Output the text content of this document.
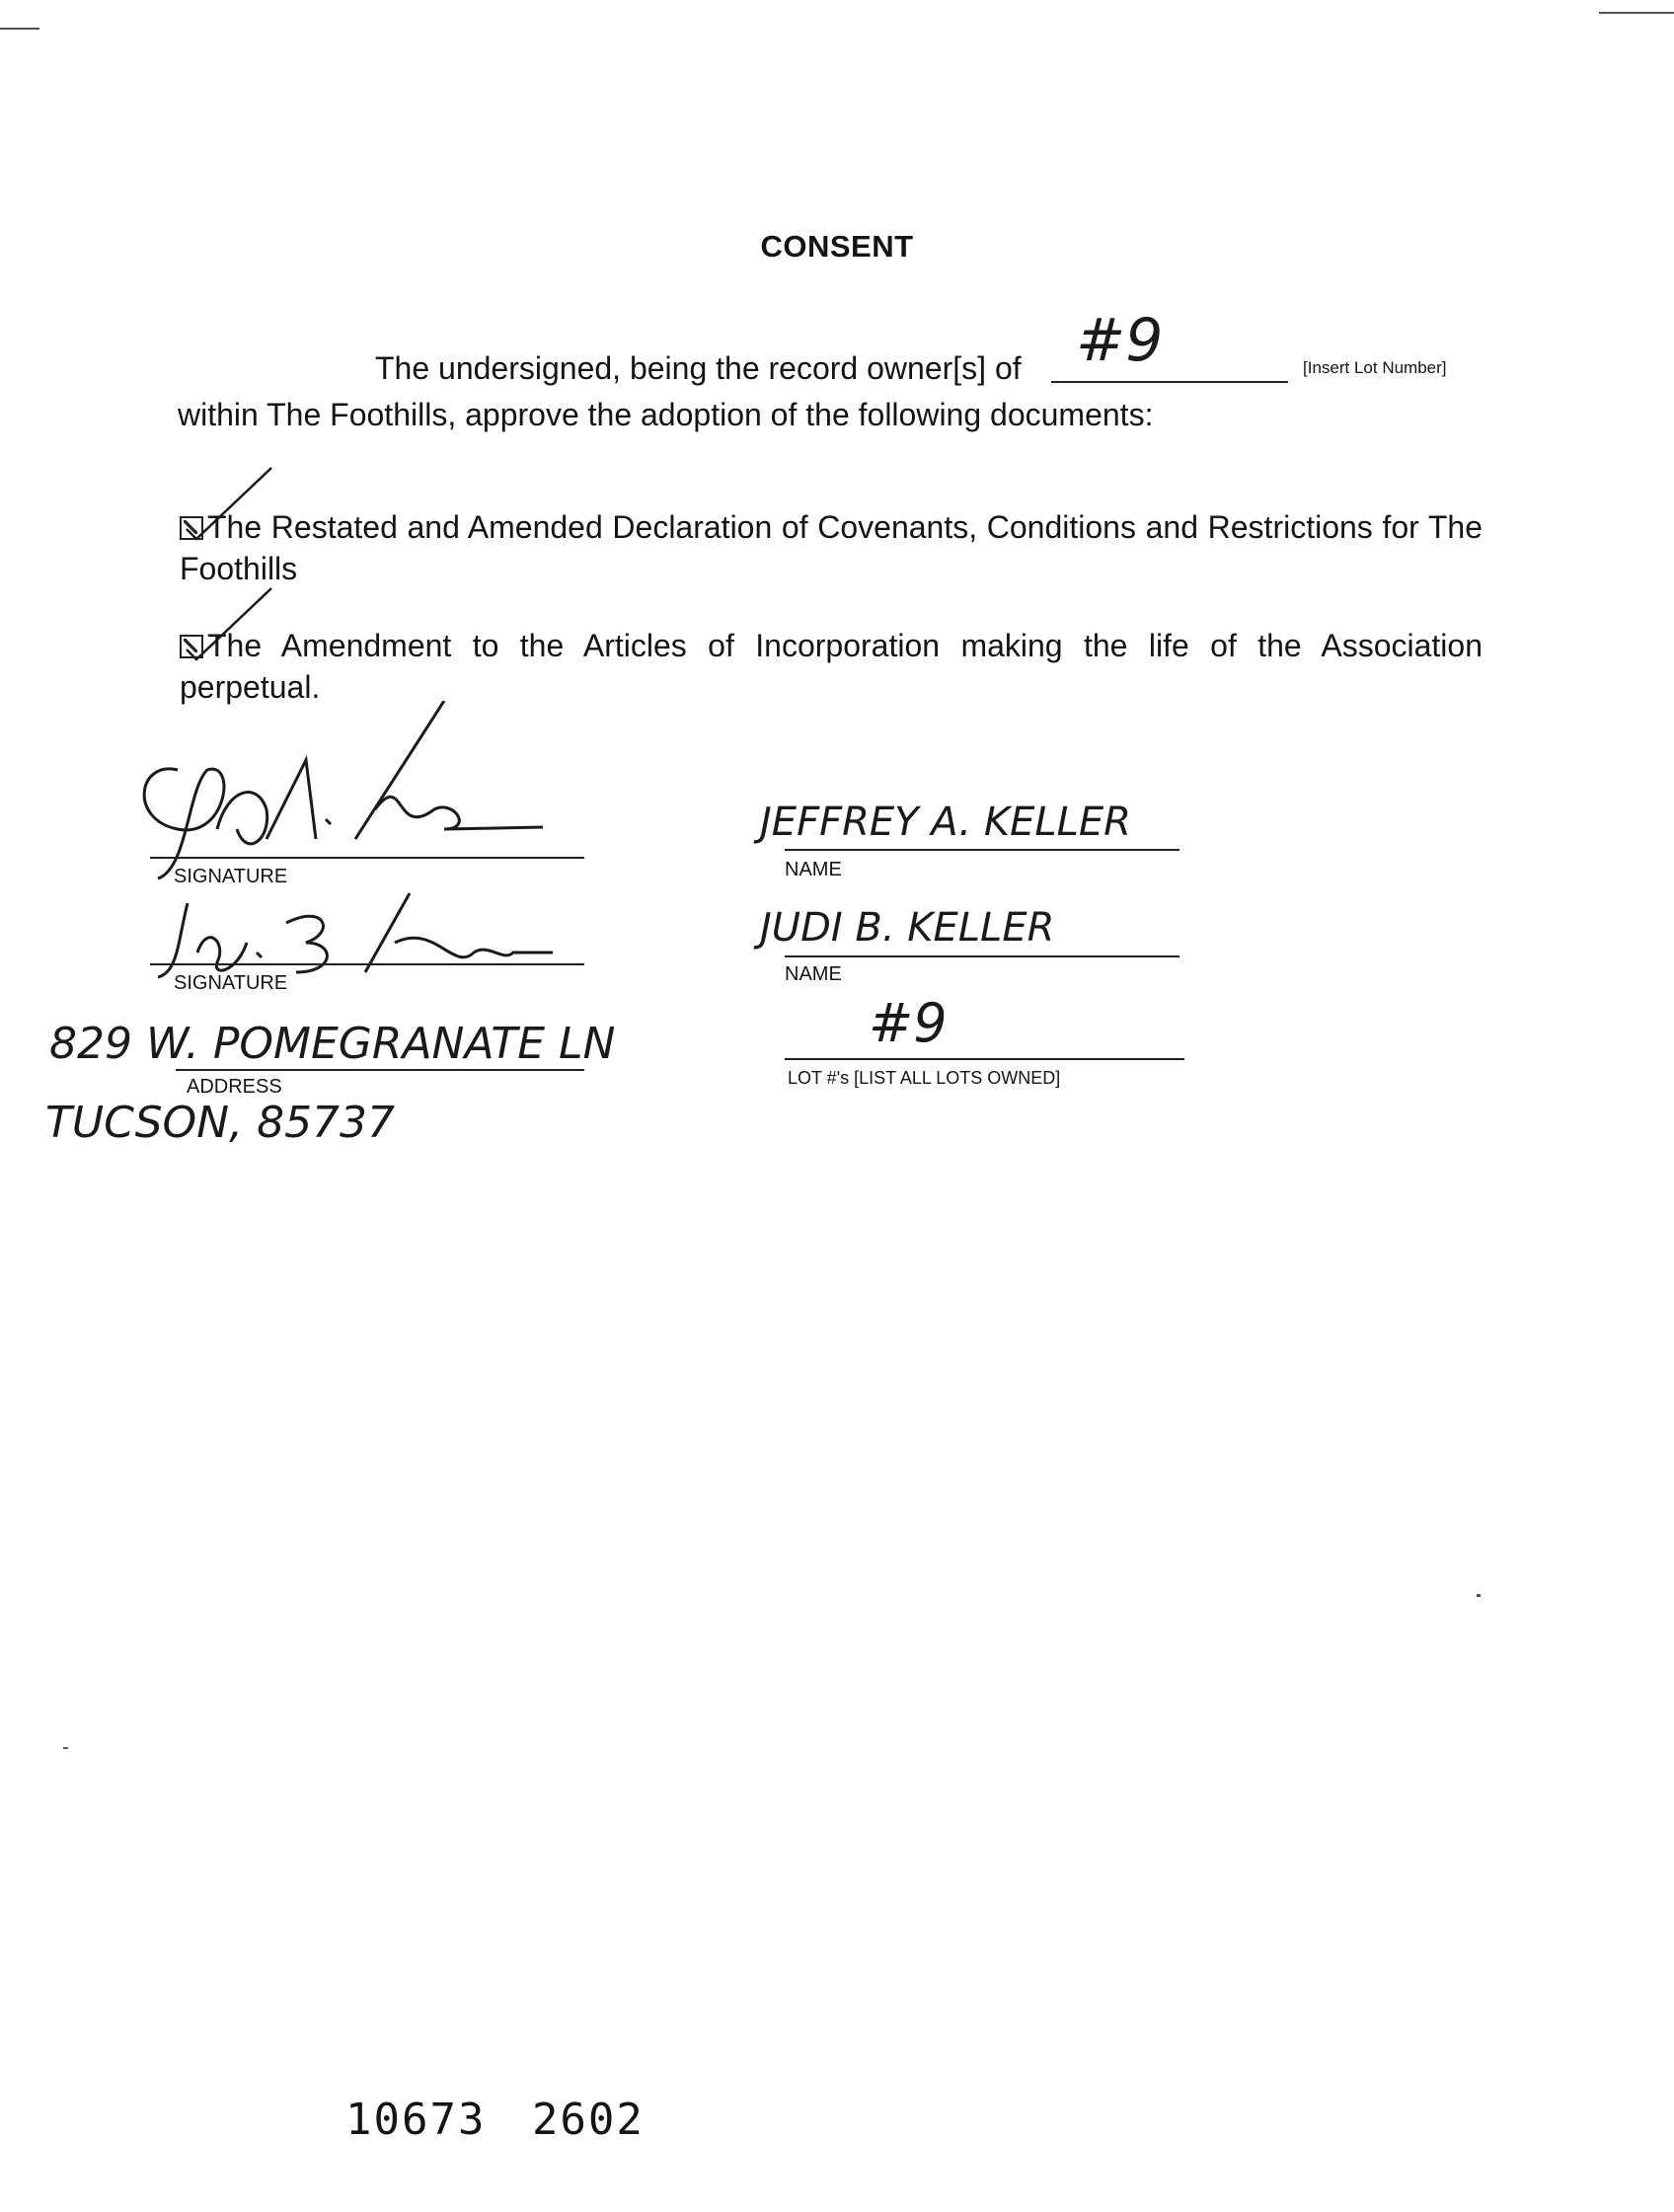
CONSENT
The undersigned, being the record owner[s] of #9	[Insert Lot Number]
within The Foothills, approve the adoption of the following documents:
The Restated and Amended Declaration of Covenants, Conditions and Restrictions for The Foothills
The Amendment to the Articles of Incorporation making the life of the Association perpetual.
SIGNATURE
SIGNATURE
829 W. POMEGRANATE LN
ADDRESS
TUCSON, 85737
JEFFREY A. KELLER
NAME
JUDI B. KELLER
NAME
#9
LOT #'s [LIST ALL LOTS OWNED]
10673 2602
